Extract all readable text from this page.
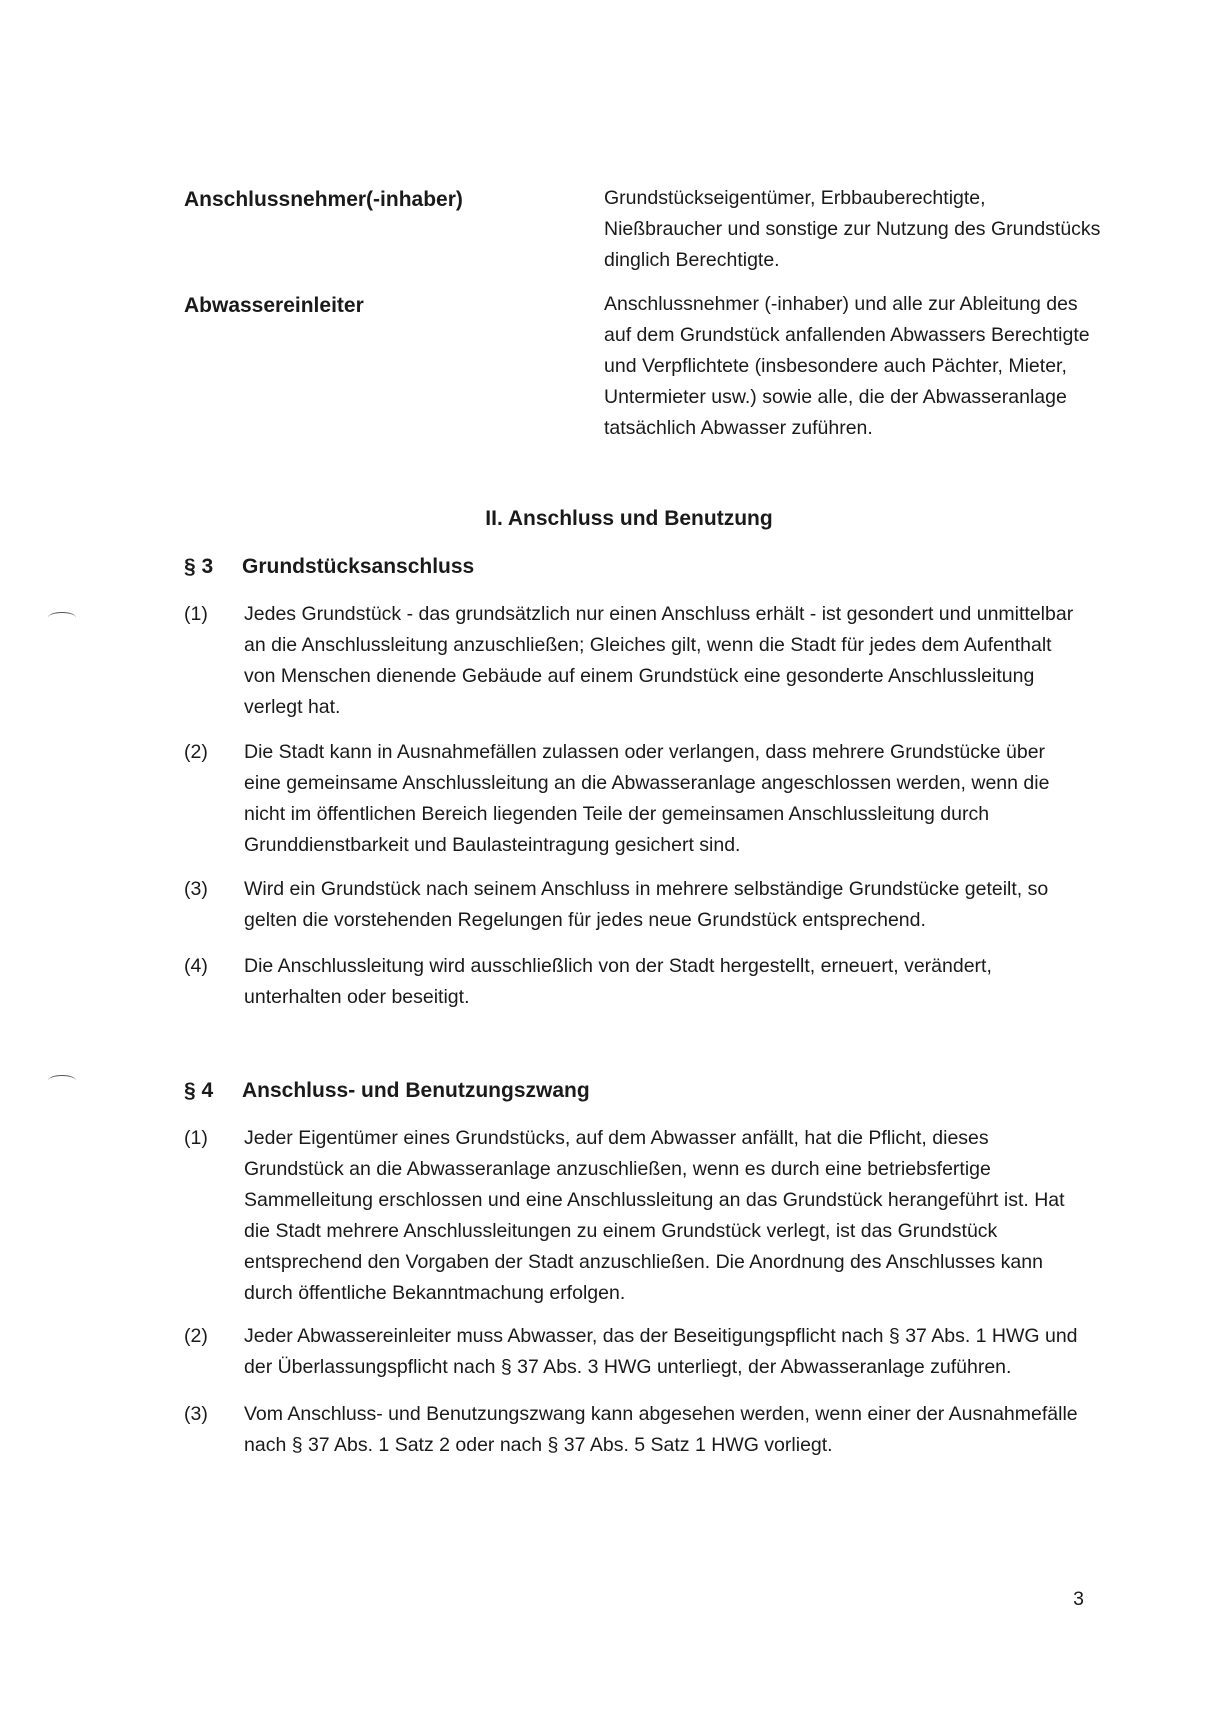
Anschlussnehmer(-inhaber)	Grundstückseigentümer, Erbbauberechtigte, Nießbraucher und sonstige zur Nutzung des Grundstücks dinglich Berechtigte.
Abwassereinleiter	Anschlussnehmer (-inhaber) und alle zur Ableitung des auf dem Grundstück anfallenden Abwassers Berechtigte und Verpflichtete (insbesondere auch Pächter, Mieter, Untermieter usw.) sowie alle, die der Abwasseranlage tatsächlich Abwasser zuführen.
II. Anschluss und Benutzung
§ 3	Grundstücksanschluss
(1)	Jedes Grundstück - das grundsätzlich nur einen Anschluss erhält - ist gesondert und unmittelbar an die Anschlussleitung anzuschließen; Gleiches gilt, wenn die Stadt für jedes dem Aufenthalt von Menschen dienende Gebäude auf einem Grundstück eine gesonderte Anschlussleitung verlegt hat.
(2)	Die Stadt kann in Ausnahmefällen zulassen oder verlangen, dass mehrere Grundstücke über eine gemeinsame Anschlussleitung an die Abwasseranlage angeschlossen werden, wenn die nicht im öffentlichen Bereich liegenden Teile der gemeinsamen Anschlussleitung durch Grunddienstbarkeit und Baulasteintragung gesichert sind.
(3)	Wird ein Grundstück nach seinem Anschluss in mehrere selbständige Grundstücke geteilt, so gelten die vorstehenden Regelungen für jedes neue Grundstück entsprechend.
(4)	Die Anschlussleitung wird ausschließlich von der Stadt hergestellt, erneuert, verändert, unterhalten oder beseitigt.
§ 4	Anschluss- und Benutzungszwang
(1)	Jeder Eigentümer eines Grundstücks, auf dem Abwasser anfällt, hat die Pflicht, dieses Grundstück an die Abwasseranlage anzuschließen, wenn es durch eine betriebsfertige Sammelleitung erschlossen und eine Anschlussleitung an das Grundstück herangeführt ist. Hat die Stadt mehrere Anschlussleitungen zu einem Grundstück verlegt, ist das Grundstück entsprechend den Vorgaben der Stadt anzuschließen. Die Anordnung des Anschlusses kann durch öffentliche Bekanntmachung erfolgen.
(2)	Jeder Abwassereinleiter muss Abwasser, das der Beseitigungspflicht nach § 37 Abs. 1 HWG und der Überlassungspflicht nach § 37 Abs. 3 HWG unterliegt, der Abwasseranlage zuführen.
(3)	Vom Anschluss- und Benutzungszwang kann abgesehen werden, wenn einer der Ausnahmefälle nach § 37 Abs. 1 Satz 2 oder nach § 37 Abs. 5 Satz 1 HWG vorliegt.
3
